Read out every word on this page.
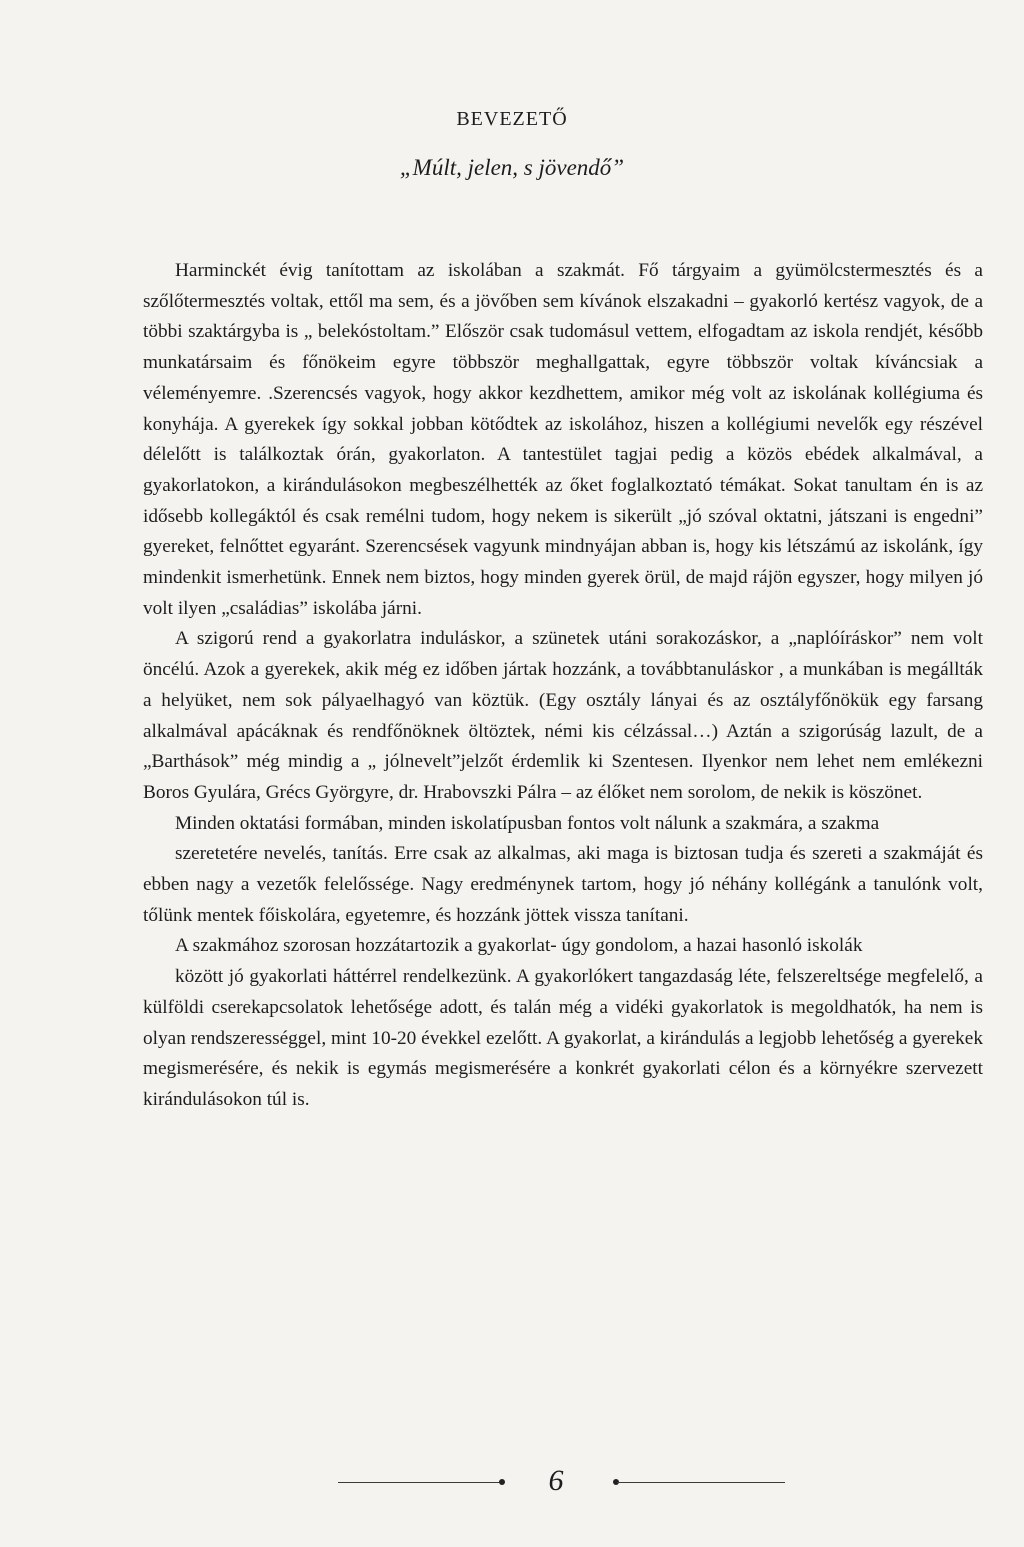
BEVEZETŐ
„Múlt, jelen, s jövendő”

Harminckét évig tanítottam az iskolában a szakmát. Fő tárgyaim a gyümölcstermesztés és a szőlőtermesztés voltak, ettől ma sem, és a jövőben sem kívánok elszakadni – gyakorló kertész vagyok, de a többi szaktárgyba is „ belekóstoltam.” Először csak tudomásul vettem, elfogadtam az iskola rendjét, később munkatársaim és főnökeim egyre többször meghallgattak, egyre többször voltak kíváncsiak a véleményemre. .Szerencsés vagyok, hogy akkor kezdhettem, amikor még volt az iskolának kollégiuma és konyhája. A gyerekek így sokkal jobban kötődtek az iskolához, hiszen a kollégiumi nevelők egy részével délelőtt is találkoztak órán, gyakorlaton. A tantestület tagjai pedig a közös ebédek alkalmával, a gyakorlatokon, a kirándulásokon megbeszélhették az őket foglalkoztató témákat. Sokat tanultam én is az idősebb kollegáktól és csak remélni tudom, hogy nekem is sikerült „jó szóval oktatni, játszani is engedni” gyereket, felnőttet egyaránt. Szerencsések vagyunk mindnyájan abban is, hogy kis létszámú az iskolánk, így mindenkit ismerhetünk. Ennek nem biztos, hogy minden gyerek örül, de majd rájön egyszer, hogy milyen jó volt ilyen „családias” iskolába járni.

A szigorú rend a gyakorlatra induláskor, a szünetek utáni sorakozáskor, a „naplóíráskor” nem volt öncélú. Azok a gyerekek, akik még ez időben jártak hozzánk, a továbbtanuláskor , a munkában is megállták a helyüket, nem sok pályaelhagyó van köztük. (Egy osztály lányai és az osztályfőnökük egy farsang alkalmával apácáknak és rendfőnöknek öltöztek, némi kis célzással…) Aztán a szigorúság lazult, de a „Barthások” még mindig a „ jólnevelt”jelzőt érdemlik ki Szentesen. Ilyenkor nem lehet nem emlékezni Boros Gyulára, Grécs Györgyre, dr. Hrabovszki Pálra – az élőket nem sorolom, de nekik is köszönet.

Minden oktatási formában, minden iskolatípusban fontos volt nálunk a szakmára, a szakma

szeretetére nevelés, tanítás. Erre csak az alkalmas, aki maga is biztosan tudja és szereti a szakmáját és ebben nagy a vezetők felelőssége. Nagy eredménynek tartom, hogy jó néhány kollégánk a tanulónk volt, tőlünk mentek főiskolára, egyetemre, és hozzánk jöttek vissza tanítani.

A szakmához szorosan hozzátartozik a gyakorlat- úgy gondolom, a hazai hasonló iskolák

között jó gyakorlati háttérrel rendelkezünk. A gyakorlókert tangazdaság léte, felszereltsége megfelelő, a külföldi cserekapcsolatok lehetősége adott, és talán még a vidéki gyakorlatok is megoldhatók, ha nem is olyan rendszerességgel, mint 10-20 évekkel ezelőtt. A gyakorlat, a kirándulás a legjobb lehetőség a gyerekek megismerésére, és nekik is egymás megismerésére a konkrét gyakorlati célon és a környékre szervezett kirándulásokon túl is.

6
